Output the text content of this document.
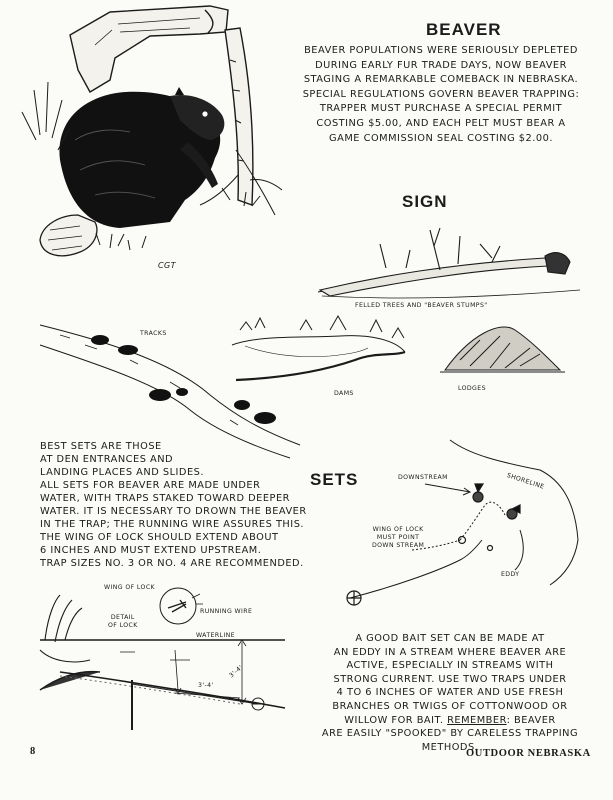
CGT
BEAVER
BEAVER POPULATIONS WERE SERIOUSLY DEPLETED
DURING EARLY FUR TRADE DAYS, NOW BEAVER
STAGING A REMARKABLE COMEBACK IN NEBRASKA.
SPECIAL REGULATIONS GOVERN BEAVER TRAPPING:
TRAPPER MUST PURCHASE A SPECIAL PERMIT
COSTING $5.00, AND EACH PELT MUST BEAR A
GAME COMMISSION SEAL COSTING $2.00.
SIGN
FELLED TREES AND "BEAVER STUMPS"
TRACKS
DAMS
LODGES
BEST SETS ARE THOSE
AT DEN ENTRANCES AND
LANDING PLACES AND SLIDES.
ALL SETS FOR BEAVER ARE MADE UNDER
WATER, WITH TRAPS STAKED TOWARD DEEPER
WATER. IT IS NECESSARY TO DROWN THE BEAVER
IN THE TRAP; THE RUNNING WIRE ASSURES THIS.
THE WING OF LOCK SHOULD EXTEND ABOUT
6 INCHES AND MUST EXTEND UPSTREAM.
TRAP SIZES NO. 3 OR NO. 4 ARE RECOMMENDED.
SETS	DOWNSTREAM	SHORELINE
WING OF LOCK
MUST POINT
DOWN STREAM
EDDY
WING OF LOCK
DETAIL
OF LOCK
RUNNING WIRE
WATERLINE
3'-4'
3'-4'
A GOOD BAIT SET CAN BE MADE AT
AN EDDY IN A STREAM WHERE BEAVER ARE
ACTIVE, ESPECIALLY IN STREAMS WITH
STRONG CURRENT. USE TWO TRAPS UNDER
4 TO 6 INCHES OF WATER AND USE FRESH
BRANCHES OR TWIGS OF COTTONWOOD OR
WILLOW FOR BAIT. REMEMBER: BEAVER
ARE EASILY "SPOOKED" BY CARELESS TRAPPING
METHODS.
8	OUTDOOR NEBRASKA
